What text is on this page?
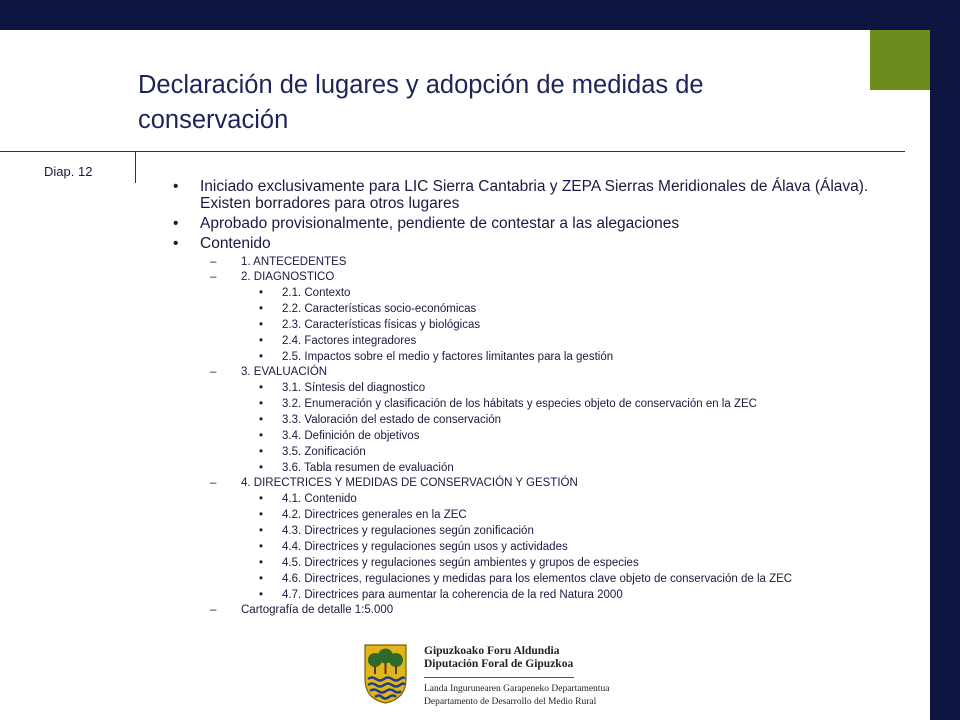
Declaración de lugares y adopción de medidas de conservación
Diap. 12
• Iniciado exclusivamente para LIC Sierra Cantabria y ZEPA Sierras Meridionales de Álava (Álava). Existen borradores para otros lugares
• Aprobado provisionalmente, pendiente de contestar a las alegaciones
• Contenido
– 1. ANTECEDENTES
– 2. DIAGNOSTICO
• 2.1. Contexto
• 2.2. Características socio-económicas
• 2.3. Características físicas y biológicas
• 2.4. Factores integradores
• 2.5. Impactos sobre el medio y factores limitantes para la gestión
– 3. EVALUACIÓN
• 3.1. Síntesis del diagnostico
• 3.2. Enumeración y clasificación de los hábitats y especies objeto de conservación en la ZEC
• 3.3. Valoración del estado de conservación
• 3.4. Definición de objetivos
• 3.5. Zonificación
• 3.6. Tabla resumen de evaluación
– 4. DIRECTRICES Y MEDIDAS DE CONSERVACIÓN Y GESTIÓN
• 4.1. Contenido
• 4.2. Directrices generales en la ZEC
• 4.3. Directrices y regulaciones según zonificación
• 4.4. Directrices y regulaciones según usos y actividades
• 4.5. Directrices y regulaciones según ambientes y grupos de especies
• 4.6. Directrices, regulaciones y medidas para los elementos clave objeto de conservación de la ZEC
• 4.7. Directrices para aumentar la coherencia de la red Natura 2000
– Cartografía de detalle 1:5.000
Gipuzkoako Foru Aldundia
Diputación Foral de Gipuzkoa
Landa Ingurunearen Garapeneko Departamentua
Departamento de Desarrollo del Medio Rural
